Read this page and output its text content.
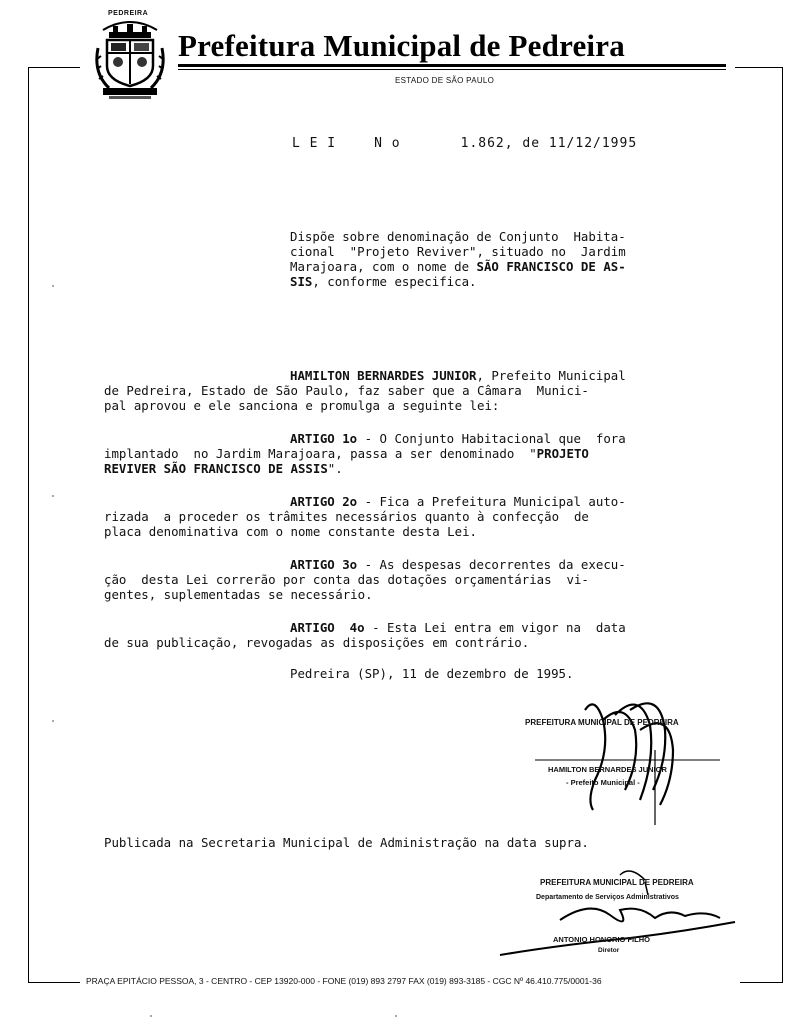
PEDREIRA
Prefeitura Municipal de Pedreira
ESTADO DE SÃO PAULO
L E I	N o	1.862, de 11/12/1995
Dispõe sobre denominação de Conjunto  Habita-
cional  "Projeto Reviver", situado no  Jardim
Marajoara, com o nome de SÃO FRANCISCO DE AS-
SIS, conforme especifica.
HAMILTON BERNARDES JUNIOR, Prefeito Municipal
de Pedreira, Estado de São Paulo, faz saber que a Câmara  Munici-
pal aprovou e ele sanciona e promulga a seguinte lei:
ARTIGO 1o - O Conjunto Habitacional que  fora
implantado  no Jardim Marajoara, passa a ser denominado  "PROJETO
REVIVER SÃO FRANCISCO DE ASSIS".
ARTIGO 2o - Fica a Prefeitura Municipal auto-
rizada  a proceder os trâmites necessários quanto à confecção  de
placa denominativa com o nome constante desta Lei.
ARTIGO 3o - As despesas decorrentes da execu-
ção  desta Lei correrão por conta das dotações orçamentárias  vi-
gentes, suplementadas se necessário.
ARTIGO  4o - Esta Lei entra em vigor na  data
de sua publicação, revogadas as disposições em contrário.
Pedreira (SP), 11 de dezembro de 1995.
PREFEITURA MUNICIPAL DE PEDREIRA
HAMILTON BERNARDES JUNIOR
- Prefeito Municipal -
Publicada na Secretaria Municipal de Administração na data supra.
PREFEITURA MUNICIPAL DE PEDREIRA
Departamento de Serviços Administrativos
ANTONIO HONORIO FILHO
Diretor
PRAÇA EPITÁCIO PESSOA, 3 - CENTRO - CEP 13920-000 - FONE (019) 893 2797 FAX (019) 893-3185 - CGC Nº 46.410.775/0001-36
